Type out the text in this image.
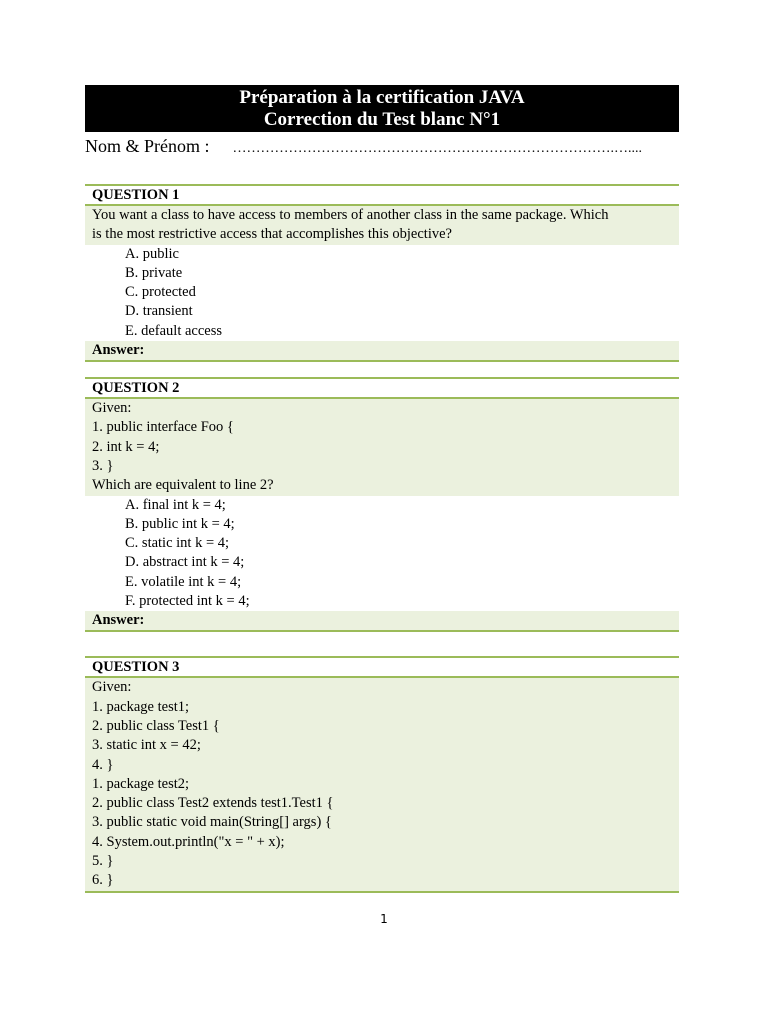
Préparation à la certification JAVA
Correction du Test blanc N°1
Nom & Prénom : ……………………………………………………………………….…....
QUESTION 1
You want a class to have access to members of another class in the same package. Which
is the most restrictive access that accomplishes this objective?
A. public
B. private
C. protected
D. transient
E. default access
Answer:
QUESTION 2
Given:
1. public interface Foo {
2. int k = 4;
3. }
Which are equivalent to line 2?
A. final int k = 4;
B. public int k = 4;
C. static int k = 4;
D. abstract int k = 4;
E. volatile int k = 4;
F. protected int k = 4;
Answer:
QUESTION 3
Given:
1. package test1;
2. public class Test1 {
3. static int x = 42;
4. }
1. package test2;
2. public class Test2 extends test1.Test1 {
3. public static void main(String[] args) {
4. System.out.println("x = " + x);
5. }
6. }
1
